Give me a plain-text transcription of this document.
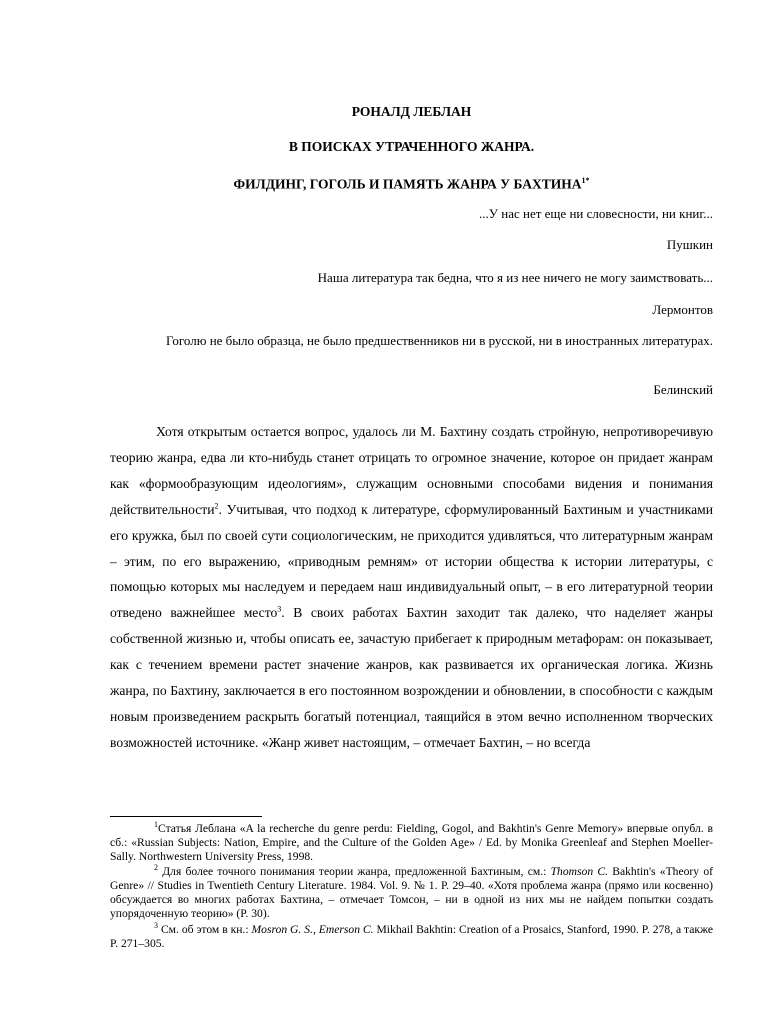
РОНАЛД ЛЕБЛАН
В ПОИСКАХ УТРАЧЕННОГО ЖАНРА.
ФИЛДИНГ, ГОГОЛЬ И ПАМЯТЬ ЖАНРА У $БАХТИНА^{1*}$

...У нас нет еще ни словесности, ни книг...

Пушкин

Наша литература так бедна, что я из нее ничего не могу заимствовать...

Лермонтов

Гоголю не было образца, не было предшественников ни в русской, ни в иностранных литературах.

Белинский

Хотя открытым остается вопрос, удалось ли М. Бахтину создать стройную, непротиворечивую теорию жанра, едва ли кто-нибудь станет отрицать то огромное значение, которое он придает жанрам как «формообразующим идеологиям», служащим основными способами видения и понимания действительности$^2$. Учитывая, что подход к литературе, сформулированный Бахтиным и участниками его кружка, был по своей сути социологическим, не приходится удивляться, что литературным жанрам – этим, по его выражению, «приводным ремням» от истории общества к истории литературы, с помощью которых мы наследуем и передаем наш индивидуальный опыт, – в его литературной теории отведено важнейшее место$^3$. В своих работах Бахтин заходит так далеко, что наделяет жанры собственной жизнью и, чтобы описать ее, зачастую прибегает к природным метафорам: он показывает, как с течением времени растет значение жанров, как развивается их органическая логика. Жизнь жанра, по Бахтину, заключается в его постоянном возрождении и обновлении, в способности с каждым новым произведением раскрыть богатый потенциал, таящийся в этом вечно исполненном творческих возможностей источнике. «Жанр живет настоящим, – отмечает Бахтин, – но всегда

$^1$Статья Леблана «A la recherche du genre perdu: Fielding, Gogol, and Bakhtin's Genre Memory» впервые опубл. в сб.: «Russian Subjects: Nation, Empire, and the Culture of the Golden Age» / Ed. by Monika Greenleaf and Stephen Moeller-Sally. Northwestern University Press, 1998.

$^2$ Для более точного понимания теории жанра, предложенной Бахтиным, см.: Thomson C. Bakhtin's «Theory of Genre» // Studies in Twentieth Century Literature. 1984. Vol. 9. № 1. P. 29–40. «Хотя проблема жанра (прямо или косвенно) обсуждается во многих работах Бахтина, – отмечает Томсон, – ни в одной из них мы не найдем попытки создать упорядоченную теорию» (P. 30).

$^3$ См. об этом в кн.: Mosron G. S., Emerson C. Mikhail Bakhtin: Creation of a Prosaics, Stanford, 1990. P. 278, а также P. 271–305.
